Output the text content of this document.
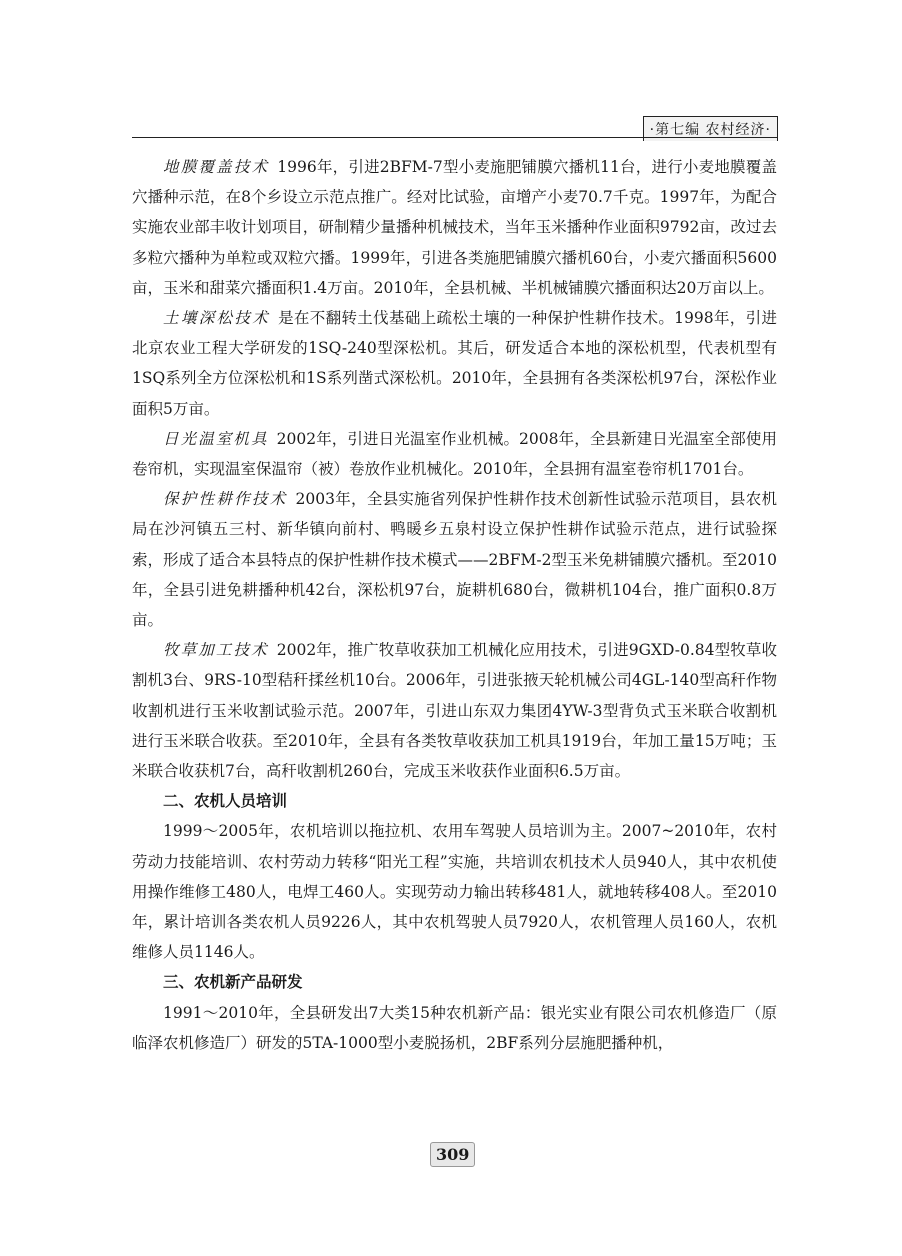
·第七编 农村经济·

地膜覆盖技术 1996年，引进2BFM-7型小麦施肥铺膜穴播机11台，进行小麦地膜覆盖穴播种示范，在8个乡设立示范点推广。经对比试验，亩增产小麦70.7千克。1997年，为配合实施农业部丰收计划项目，研制精少量播种机械技术，当年玉米播种作业面积9792亩，改过去多粒穴播种为单粒或双粒穴播。1999年，引进各类施肥铺膜穴播机60台，小麦穴播面积5600亩，玉米和甜菜穴播面积1.4万亩。2010年，全县机械、半机械铺膜穴播面积达20万亩以上。

土壤深松技术 是在不翻转土伐基础上疏松土壤的一种保护性耕作技术。1998年，引进北京农业工程大学研发的1SQ-240型深松机。其后，研发适合本地的深松机型，代表机型有1SQ系列全方位深松机和1S系列凿式深松机。2010年，全县拥有各类深松机97台，深松作业面积5万亩。

日光温室机具 2002年，引进日光温室作业机械。2008年，全县新建日光温室全部使用卷帘机，实现温室保温帘（被）卷放作业机械化。2010年，全县拥有温室卷帘机1701台。

保护性耕作技术 2003年，全县实施省列保护性耕作技术创新性试验示范项目，县农机局在沙河镇五三村、新华镇向前村、鸭暖乡五泉村设立保护性耕作试验示范点，进行试验探索，形成了适合本县特点的保护性耕作技术模式——2BFM-2型玉米免耕铺膜穴播机。至2010年，全县引进免耕播种机42台，深松机97台，旋耕机680台，微耕机104台，推广面积0.8万亩。

牧草加工技术 2002年，推广牧草收获加工机械化应用技术，引进9GXD-0.84型牧草收割机3台、9RS-10型秸秆揉丝机10台。2006年，引进张掖天轮机械公司4GL-140型高秆作物收割机进行玉米收割试验示范。2007年，引进山东双力集团4YW-3型背负式玉米联合收割机进行玉米联合收获。至2010年，全县有各类牧草收获加工机具1919台，年加工量15万吨；玉米联合收获机7台，高秆收割机260台，完成玉米收获作业面积6.5万亩。

二、农机人员培训

1999～2005年，农机培训以拖拉机、农用车驾驶人员培训为主。2007~2010年，农村劳动力技能培训、农村劳动力转移“阳光工程”实施，共培训农机技术人员940人，其中农机使用操作维修工480人，电焊工460人。实现劳动力输出转移481人，就地转移408人。至2010年，累计培训各类农机人员9226人，其中农机驾驶人员7920人，农机管理人员160人，农机维修人员1146人。

三、农机新产品研发

1991～2010年，全县研发出7大类15种农机新产品：银光实业有限公司农机修造厂（原临泽农机修造厂）研发的5TA-1000型小麦脱扬机，2BF系列分层施肥播种机，

309
